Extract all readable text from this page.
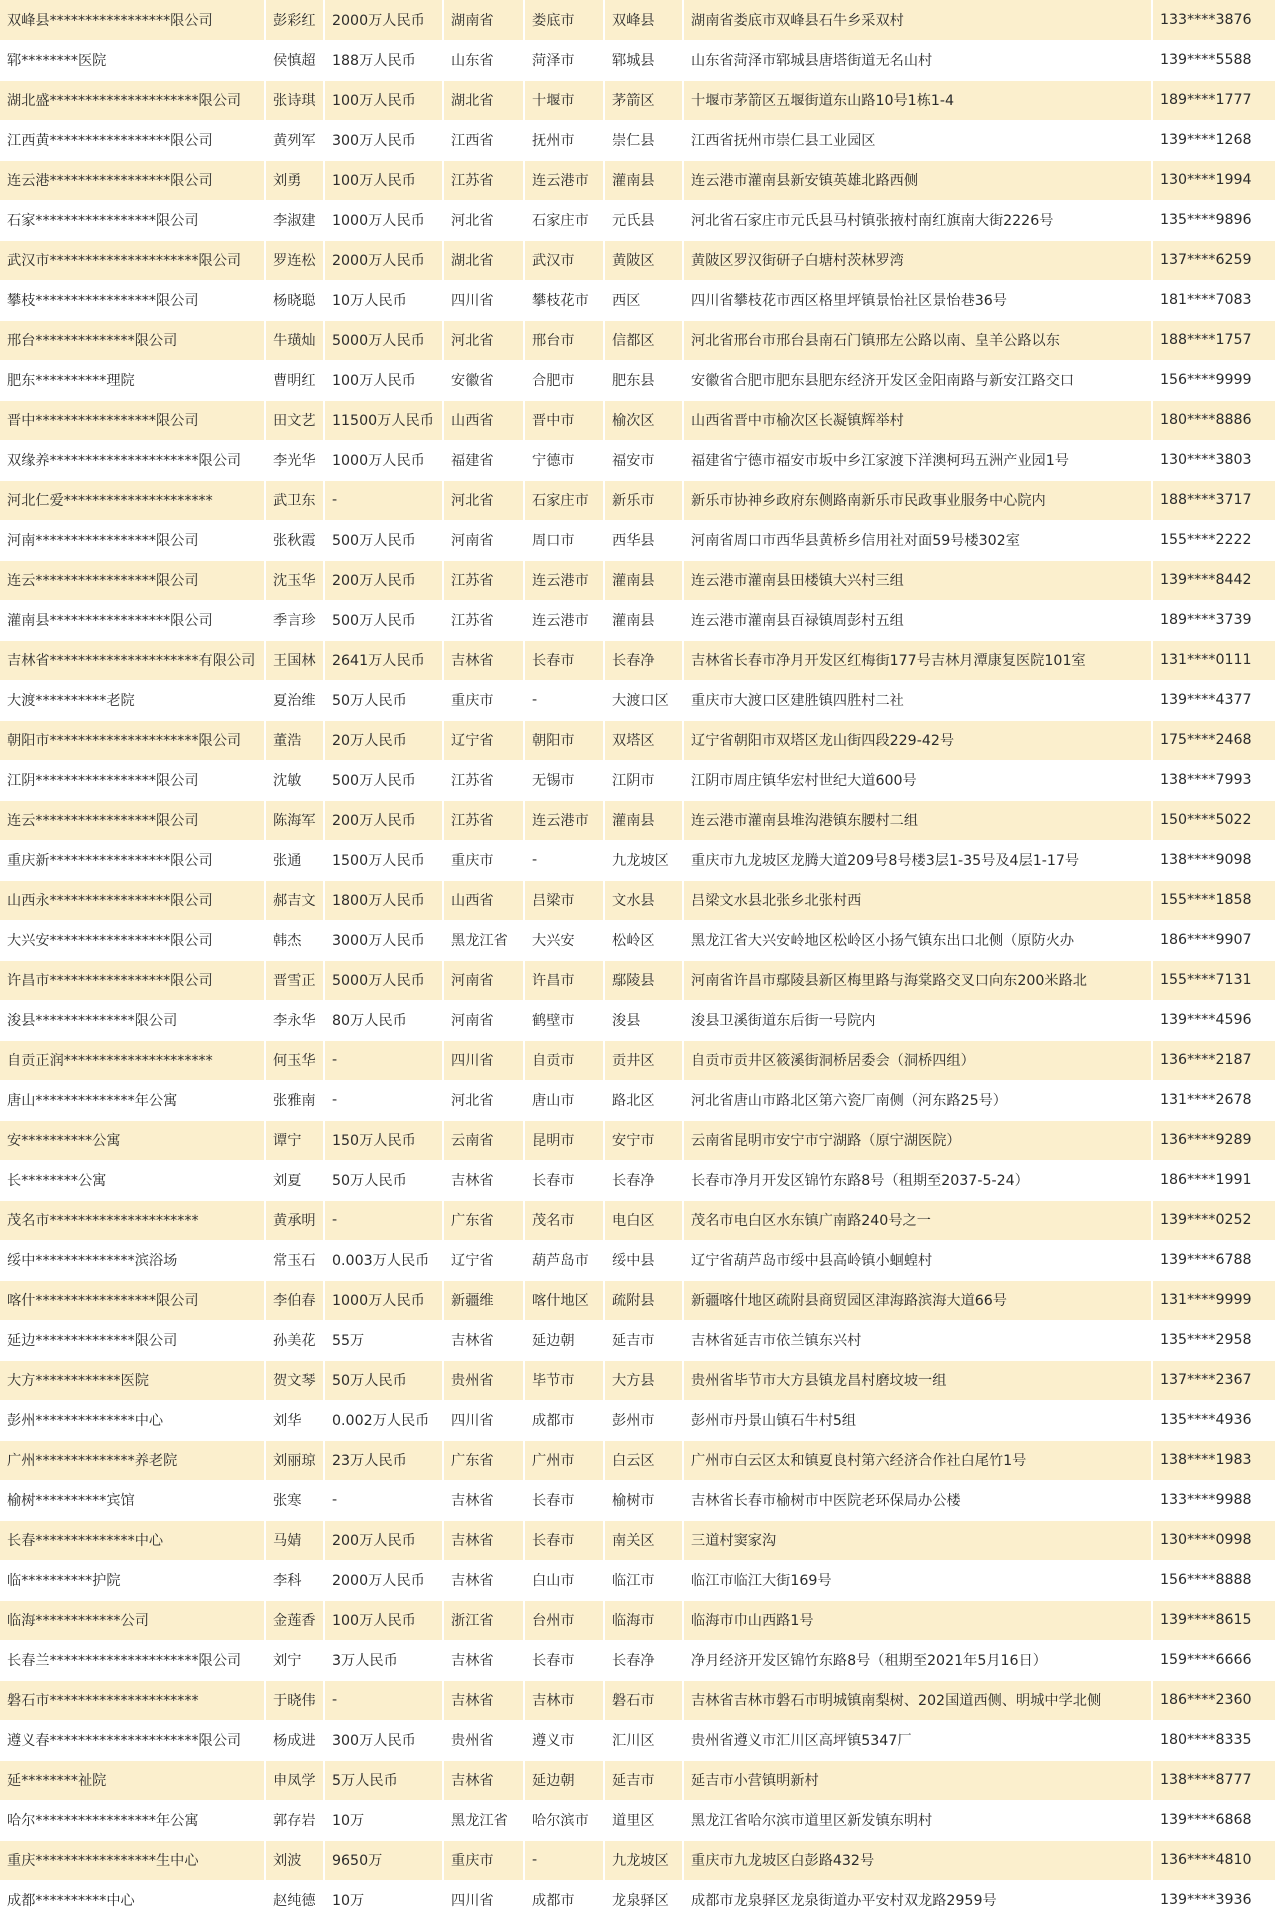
双峰县*****************限公司	彭彩红	2000万人民币	湖南省	娄底市	双峰县	湖南省娄底市双峰县石牛乡采双村	133****3876
郓********医院	侯慎超	188万人民币	山东省	菏泽市	郓城县	山东省菏泽市郓城县唐塔街道无名山村	139****5588
湖北盛*********************限公司	张诗琪	100万人民币	湖北省	十堰市	茅箭区	十堰市茅箭区五堰街道东山路10号1栋1-4	189****1777
江西黄*****************限公司	黄列军	300万人民币	江西省	抚州市	崇仁县	江西省抚州市崇仁县工业园区	139****1268
连云港*****************限公司	刘勇	100万人民币	江苏省	连云港市	灌南县	连云港市灌南县新安镇英雄北路西侧	130****1994
石家*****************限公司	李淑建	1000万人民币	河北省	石家庄市	元氏县	河北省石家庄市元氏县马村镇张掖村南红旗南大街2226号	135****9896
武汉市*********************限公司	罗连松	2000万人民币	湖北省	武汉市	黄陂区	黄陂区罗汉街研子白塘村茨林罗湾	137****6259
攀枝*****************限公司	杨晓聪	10万人民币	四川省	攀枝花市	西区	四川省攀枝花市西区格里坪镇景怡社区景怡巷36号	181****7083
邢台**************限公司	牛璜灿	5000万人民币	河北省	邢台市	信都区	河北省邢台市邢台县南石门镇邢左公路以南、皇羊公路以东	188****1757
肥东**********理院	曹明红	100万人民币	安徽省	合肥市	肥东县	安徽省合肥市肥东县肥东经济开发区金阳南路与新安江路交口	156****9999
晋中*****************限公司	田文艺	11500万人民币	山西省	晋中市	榆次区	山西省晋中市榆次区长凝镇辉举村	180****8886
双缘养*********************限公司	李光华	1000万人民币	福建省	宁德市	福安市	福建省宁德市福安市坂中乡江家渡下洋澳柯玛五洲产业园1号	130****3803
河北仁爱*********************	武卫东	-	河北省	石家庄市	新乐市	新乐市协神乡政府东侧路南新乐市民政事业服务中心院内	188****3717
河南*****************限公司	张秋霞	500万人民币	河南省	周口市	西华县	河南省周口市西华县黄桥乡信用社对面59号楼302室	155****2222
连云*****************限公司	沈玉华	200万人民币	江苏省	连云港市	灌南县	连云港市灌南县田楼镇大兴村三组	139****8442
灌南县*****************限公司	季言珍	500万人民币	江苏省	连云港市	灌南县	连云港市灌南县百禄镇周彭村五组	189****3739
吉林省*********************有限公司	王国林	2641万人民币	吉林省	长春市	长春净	吉林省长春市净月开发区红梅街177号吉林月潭康复医院101室	131****0111
大渡**********老院	夏治维	50万人民币	重庆市	-	大渡口区	重庆市大渡口区建胜镇四胜村二社	139****4377
朝阳市*********************限公司	董浩	20万人民币	辽宁省	朝阳市	双塔区	辽宁省朝阳市双塔区龙山街四段229-42号	175****2468
江阴*****************限公司	沈敏	500万人民币	江苏省	无锡市	江阴市	江阴市周庄镇华宏村世纪大道600号	138****7993
连云*****************限公司	陈海军	200万人民币	江苏省	连云港市	灌南县	连云港市灌南县堆沟港镇东腰村二组	150****5022
重庆新*****************限公司	张通	1500万人民币	重庆市	-	九龙坡区	重庆市九龙坡区龙腾大道209号8号楼3层1-35号及4层1-17号	138****9098
山西永*****************限公司	郝吉文	1800万人民币	山西省	吕梁市	文水县	吕梁文水县北张乡北张村西	155****1858
大兴安*****************限公司	韩杰	3000万人民币	黑龙江省	大兴安	松岭区	黑龙江省大兴安岭地区松岭区小扬气镇东出口北侧（原防火办	186****9907
许昌市*****************限公司	晋雪正	5000万人民币	河南省	许昌市	鄢陵县	河南省许昌市鄢陵县新区梅里路与海棠路交叉口向东200米路北	155****7131
浚县**************限公司	李永华	80万人民币	河南省	鹤壁市	浚县	浚县卫溪街道东后街一号院内	139****4596
自贡正润*********************	何玉华	-	四川省	自贡市	贡井区	自贡市贡井区筱溪街洞桥居委会（洞桥四组）	136****2187
唐山**************年公寓	张雅南	-	河北省	唐山市	路北区	河北省唐山市路北区第六瓷厂南侧（河东路25号）	131****2678
安**********公寓	谭宁	150万人民币	云南省	昆明市	安宁市	云南省昆明市安宁市宁湖路（原宁湖医院）	136****9289
长********公寓	刘夏	50万人民币	吉林省	长春市	长春净	长春市净月开发区锦竹东路8号（租期至2037-5-24）	186****1991
茂名市*********************	黄承明	-	广东省	茂名市	电白区	茂名市电白区水东镇广南路240号之一	139****0252
绥中**************滨浴场	常玉石	0.003万人民币	辽宁省	葫芦岛市	绥中县	辽宁省葫芦岛市绥中县高岭镇小蛔蝗村	139****6788
喀什*****************限公司	李伯春	1000万人民币	新疆维	喀什地区	疏附县	新疆喀什地区疏附县商贸园区津海路滨海大道66号	131****9999
延边**************限公司	孙美花	55万	吉林省	延边朝	延吉市	吉林省延吉市依兰镇东兴村	135****2958
大方************医院	贺文琴	50万人民币	贵州省	毕节市	大方县	贵州省毕节市大方县镇龙昌村磨坟坡一组	137****2367
彭州**************中心	刘华	0.002万人民币	四川省	成都市	彭州市	彭州市丹景山镇石牛村5组	135****4936
广州**************养老院	刘丽琼	23万人民币	广东省	广州市	白云区	广州市白云区太和镇夏良村第六经济合作社白尾竹1号	138****1983
榆树**********宾馆	张寒	-	吉林省	长春市	榆树市	吉林省长春市榆树市中医院老环保局办公楼	133****9988
长春**************中心	马婧	200万人民币	吉林省	长春市	南关区	三道村窦家沟	130****0998
临**********护院	李科	2000万人民币	吉林省	白山市	临江市	临江市临江大街169号	156****8888
临海************公司	金莲香	100万人民币	浙江省	台州市	临海市	临海市巾山西路1号	139****8615
长春兰*********************限公司	刘宁	3万人民币	吉林省	长春市	长春净	净月经济开发区锦竹东路8号（租期至2021年5月16日）	159****6666
磐石市*********************	于晓伟	-	吉林省	吉林市	磐石市	吉林省吉林市磐石市明城镇南梨树、202国道西侧、明城中学北侧	186****2360
遵义春*********************限公司	杨成进	300万人民币	贵州省	遵义市	汇川区	贵州省遵义市汇川区高坪镇5347厂	180****8335
延********祉院	申凤学	5万人民币	吉林省	延边朝	延吉市	延吉市小营镇明新村	138****8777
哈尔*****************年公寓	郭存岩	10万	黑龙江省	哈尔滨市	道里区	黑龙江省哈尔滨市道里区新发镇东明村	139****6868
重庆*****************生中心	刘波	9650万	重庆市	-	九龙坡区	重庆市九龙坡区白彭路432号	136****4810
成都**********中心	赵纯德	10万	四川省	成都市	龙泉驿区	成都市龙泉驿区龙泉街道办平安村双龙路2959号	139****3936
